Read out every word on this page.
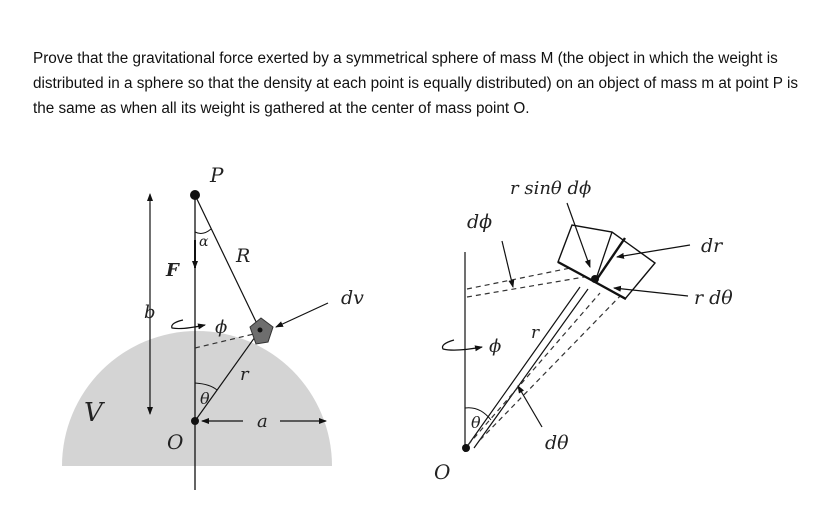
Prove that the gravitational force exerted by a symmetrical sphere of mass M (the object in which the weight is distributed in a sphere so that the density at each point is equally distributed) on an object of mass m at point P is the same as when all its weight is gathered at the center of mass point O.

P
R
F
α
b
ϕ
r
θ
a
O
V
dv
r sinθ dϕ
dϕ
dr
r dθ
ϕ
r
θ
dθ
O
